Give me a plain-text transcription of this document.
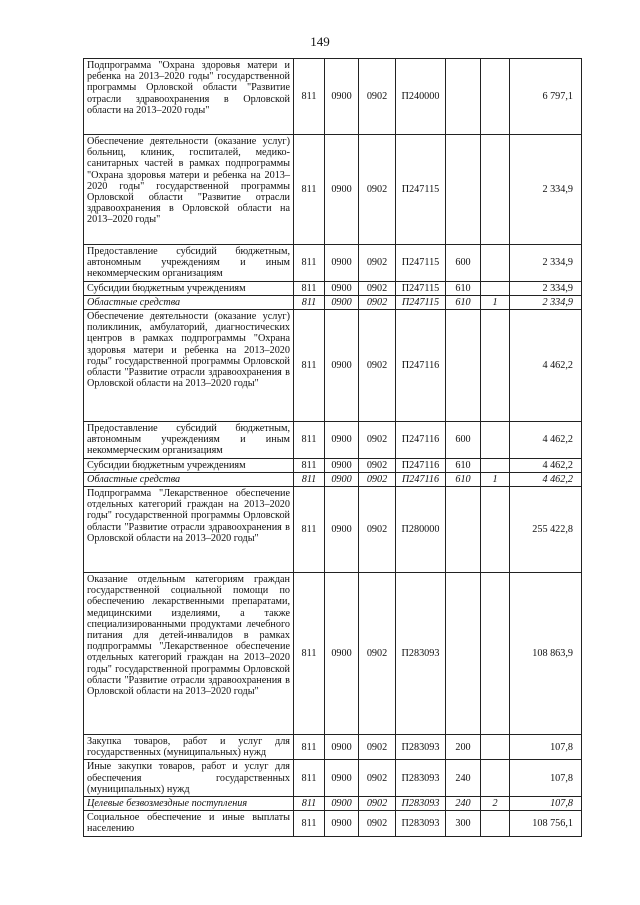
149
Подпрограмма "Охрана здоровья матери и ребенка на 2013–2020 годы" государственной программы Орловской области "Развитие отрасли здравоохранения в Орловской области на 2013–2020 годы"	811	0900	0902	П240000			6 797,1
Обеспечение деятельности (оказание услуг) больниц, клиник, госпиталей, медико-санитарных частей в рамках подпрограммы "Охрана здоровья матери и ребенка на 2013–2020 годы" государственной программы Орловской области "Развитие отрасли здравоохранения в Орловской области на 2013–2020 годы"	811	0900	0902	П247115			2 334,9
Предоставление субсидий бюджетным, автономным учреждениям и иным некоммерческим организациям	811	0900	0902	П247115	600		2 334,9
Субсидии бюджетным учреждениям	811	0900	0902	П247115	610		2 334,9
Областные средства	811	0900	0902	П247115	610	1	2 334,9
Обеспечение деятельности (оказание услуг) поликлиник, амбулаторий, диагностических центров в рамках подпрограммы "Охрана здоровья матери и ребенка на 2013–2020 годы" государственной программы Орловской области "Развитие отрасли здравоохранения в Орловской области на 2013–2020 годы"	811	0900	0902	П247116			4 462,2
Предоставление субсидий бюджетным, автономным учреждениям и иным некоммерческим организациям	811	0900	0902	П247116	600		4 462,2
Субсидии бюджетным учреждениям	811	0900	0902	П247116	610		4 462,2
Областные средства	811	0900	0902	П247116	610	1	4 462,2
Подпрограмма "Лекарственное обеспечение отдельных категорий граждан на 2013–2020 годы" государственной программы Орловской области "Развитие отрасли здравоохранения в Орловской области на 2013–2020 годы"	811	0900	0902	П280000			255 422,8
Оказание отдельным категориям граждан государственной социальной помощи по обеспечению лекарственными препаратами, медицинскими изделиями, а также специализированными продуктами лечебного питания для детей-инвалидов в рамках подпрограммы "Лекарственное обеспечение отдельных категорий граждан на 2013–2020 годы" государственной программы Орловской области "Развитие отрасли здравоохранения в Орловской области на 2013–2020 годы"	811	0900	0902	П283093			108 863,9
Закупка товаров, работ и услуг для государственных (муниципальных) нужд	811	0900	0902	П283093	200		107,8
Иные закупки товаров, работ и услуг для обеспечения государственных (муниципальных) нужд	811	0900	0902	П283093	240		107,8
Целевые безвозмездные поступления	811	0900	0902	П283093	240	2	107,8
Социальное обеспечение и иные выплаты населению	811	0900	0902	П283093	300		108 756,1
